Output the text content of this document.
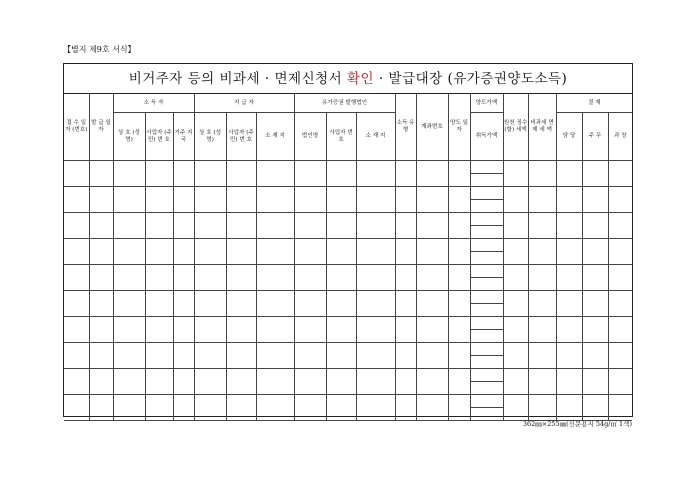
【별지 제9호 서식】
비거주자 등의 비과세 · 면제신청서 확인 · 발급대장 (유가증권양도소득)
접 수 일 자 (번호)	발 급 일 자	소 득 자			지 급 자			유가증권 발행법인			소득 유형	계좌번호	양도 일자	양도가액	원천 징수 (할) 세액	비과세 면 제 세 액	결 재		
		상 호 (성 명)	사업자 (주민) 번 호	거주 지국	상 호 (성 명)	사업자 (주민) 번 호	소 재 지	법인명	사업자 번 호	소 재 지				취득가액			담 당	주 무	과 장

362㎜×255㎜(신문용지 54g/㎡ 1색)
